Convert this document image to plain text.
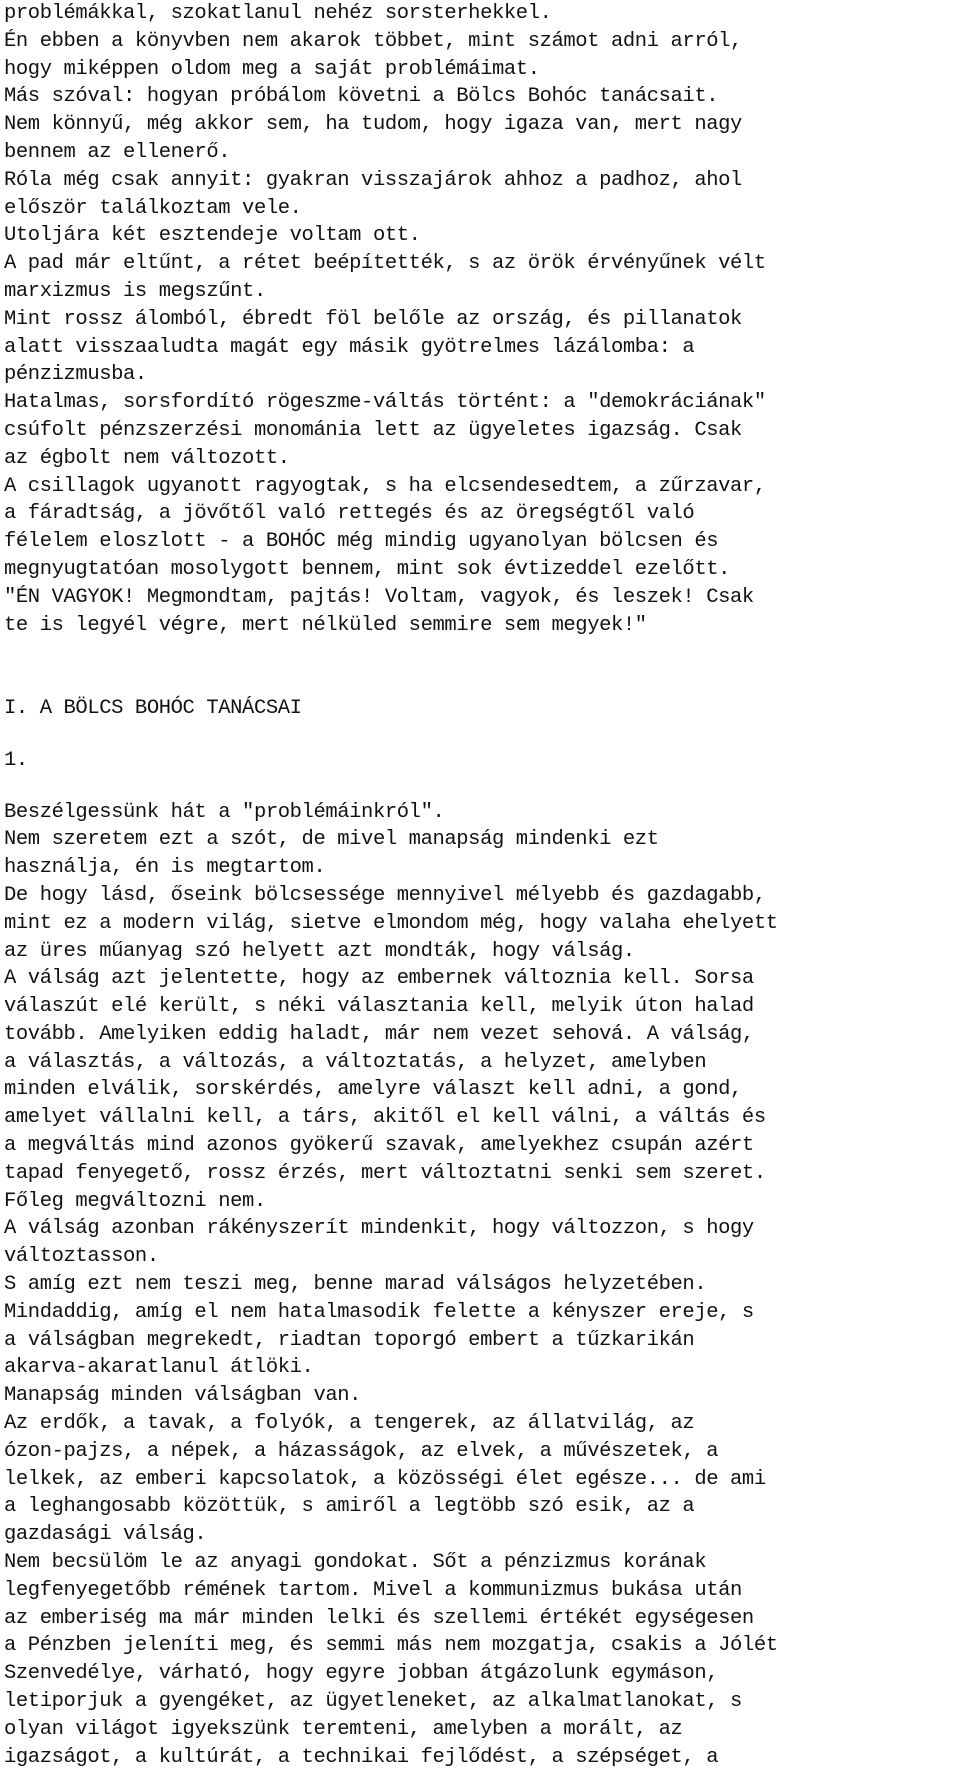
problémákkal, szokatlanul nehéz sorsterhekkel.
Én ebben a könyvben nem akarok többet, mint számot adni arról,
hogy miképpen oldom meg a saját problémáimat.
Más szóval: hogyan próbálom követni a Bölcs Bohóc tanácsait.
Nem könnyű, még akkor sem, ha tudom, hogy igaza van, mert nagy
bennem az ellenerő.
Róla még csak annyit: gyakran visszajárok ahhoz a padhoz, ahol
először találkoztam vele.
Utoljára két esztendeje voltam ott.
A pad már eltűnt, a rétet beépítették, s az örök érvényűnek vélt
marxizmus is megszűnt.
Mint rossz álomból, ébredt föl belőle az ország, és pillanatok
alatt visszaaludta magát egy másik gyötrelmes lázálomba: a
pénzizmusba.
Hatalmas, sorsfordító rögeszme-váltás történt: a "demokráciának"
csúfolt pénzszerzési monománia lett az ügyeletes igazság. Csak
az égbolt nem változott.
A csillagok ugyanott ragyogtak, s ha elcsendesedtem, a zűrzavar,
a fáradtság, a jövőtől való rettegés és az öregségtől való
félelem eloszlott - a BOHÓC még mindig ugyanolyan bölcsen és
megnyugtatóan mosolygott bennem, mint sok évtizeddel ezelőtt.
"ÉN VAGYOK! Megmondtam, pajtás! Voltam, vagyok, és leszek! Csak
te is legyél végre, mert nélküled semmire sem megyek!"
I. A BÖLCS BOHÓC TANÁCSAI
1.
Beszélgessünk hát a "problémáinkról".
Nem szeretem ezt a szót, de mivel manapság mindenki ezt
használja, én is megtartom.
De hogy lásd, őseink bölcsessége mennyivel mélyebb és gazdagabb,
mint ez a modern világ, sietve elmondom még, hogy valaha ehelyett
az üres műanyag szó helyett azt mondták, hogy válság.
A válság azt jelentette, hogy az embernek változnia kell. Sorsa
válaszút elé került, s néki választania kell, melyik úton halad
tovább. Amelyiken eddig haladt, már nem vezet sehová. A válság,
a választás, a változás, a változtatás, a helyzet, amelyben
minden elválik, sorskérdés, amelyre választ kell adni, a gond,
amelyet vállalni kell, a társ, akitől el kell válni, a váltás és
a megváltás mind azonos gyökerű szavak, amelyekhez csupán azért
tapad fenyegető, rossz érzés, mert változtatni senki sem szeret.
Főleg megváltozni nem.
A válság azonban rákényszerít mindenkit, hogy változzon, s hogy
változtasson.
S amíg ezt nem teszi meg, benne marad válságos helyzetében.
Mindaddig, amíg el nem hatalmasodik felette a kényszer ereje, s
a válságban megrekedt, riadtan toporgó embert a tűzkarikán
akarva-akaratlanul átlöki.
Manapság minden válságban van.
Az erdők, a tavak, a folyók, a tengerek, az állatvilág, az
ózon-pajzs, a népek, a házasságok, az elvek, a művészetek, a
lelkek, az emberi kapcsolatok, a közösségi élet egésze... de ami
a leghangosabb közöttük, s amiről a legtöbb szó esik, az a
gazdasági válság.
Nem becsülöm le az anyagi gondokat. Sőt a pénzizmus korának
legfenyegetőbb rémének tartom. Mivel a kommunizmus bukása után
az emberiség ma már minden lelki és szellemi értékét egységesen
a Pénzben jeleníti meg, és semmi más nem mozgatja, csakis a Jólét
Szenvedélye, várható, hogy egyre jobban átgázolunk egymáson,
letiporjuk a gyengéket, az ügyetleneket, az alkalmatlanokat, s
olyan világot igyekszünk teremteni, amelyben a morált, az
igazságot, a kultúrát, a technikai fejlődést, a szépséget, a
